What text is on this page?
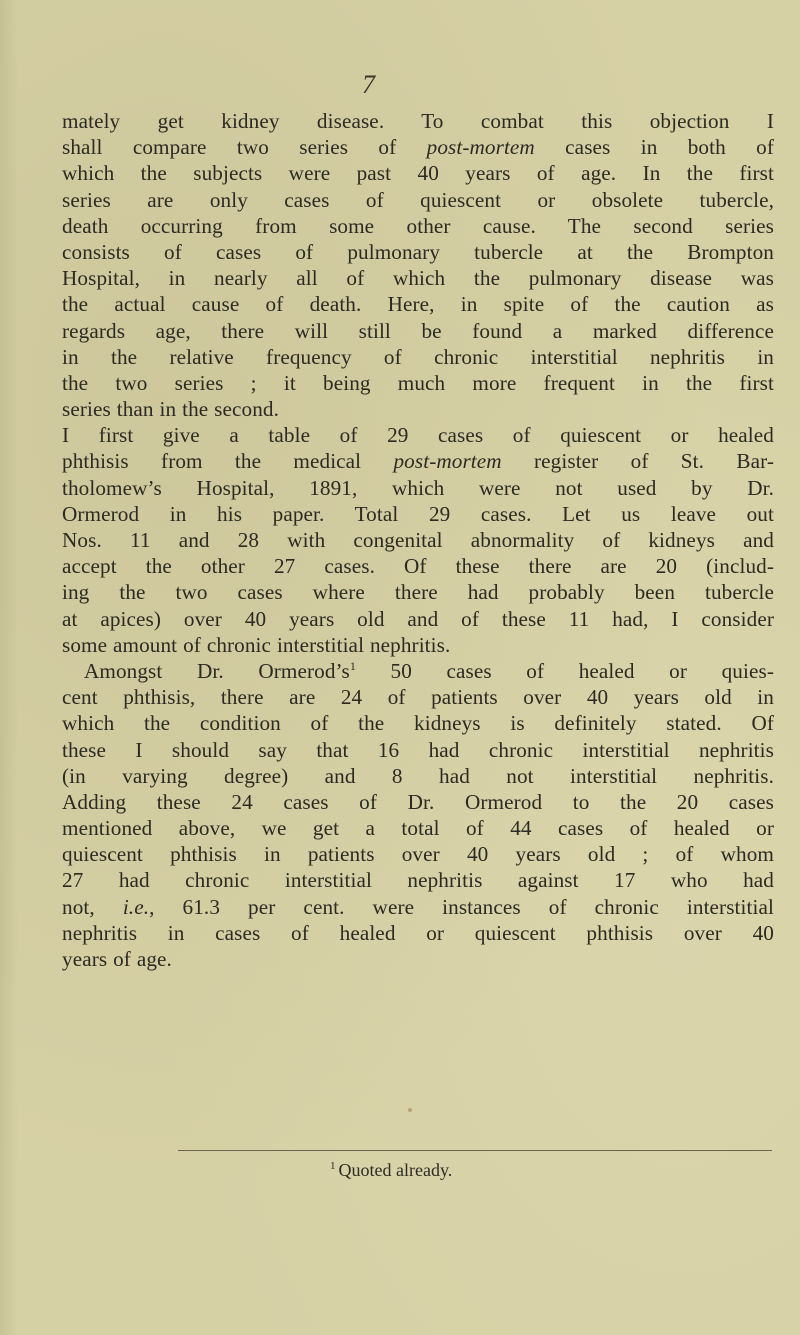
7
mately get kidney disease. To combat this objection I
shall compare two series of post-mortem cases in both of
which the subjects were past 40 years of age. In the first
series are only cases of quiescent or obsolete tubercle,
death occurring from some other cause. The second series
consists of cases of pulmonary tubercle at the Brompton
Hospital, in nearly all of which the pulmonary disease was
the actual cause of death. Here, in spite of the caution as
regards age, there will still be found a marked difference
in the relative frequency of chronic interstitial nephritis in
the two series ; it being much more frequent in the first
series than in the second.
I first give a table of 29 cases of quiescent or healed
phthisis from the medical post-mortem register of St. Bar-
tholomew’s Hospital, 1891, which were not used by Dr.
Ormerod in his paper. Total 29 cases. Let us leave out
Nos. 11 and 28 with congenital abnormality of kidneys and
accept the other 27 cases. Of these there are 20 (includ-
ing the two cases where there had probably been tubercle
at apices) over 40 years old and of these 11 had, I consider
some amount of chronic interstitial nephritis.
Amongst Dr. Ormerod’s$^1$ 50 cases of healed or quies-
cent phthisis, there are 24 of patients over 40 years old in
which the condition of the kidneys is definitely stated. Of
these I should say that 16 had chronic interstitial nephritis
(in varying degree) and 8 had not interstitial nephritis.
Adding these 24 cases of Dr. Ormerod to the 20 cases
mentioned above, we get a total of 44 cases of healed or
quiescent phthisis in patients over 40 years old ; of whom
27 had chronic interstitial nephritis against 17 who had
not, i.e., 61.3 per cent. were instances of chronic interstitial
nephritis in cases of healed or quiescent phthisis over 40
years of age.
$^1$ Quoted already.
